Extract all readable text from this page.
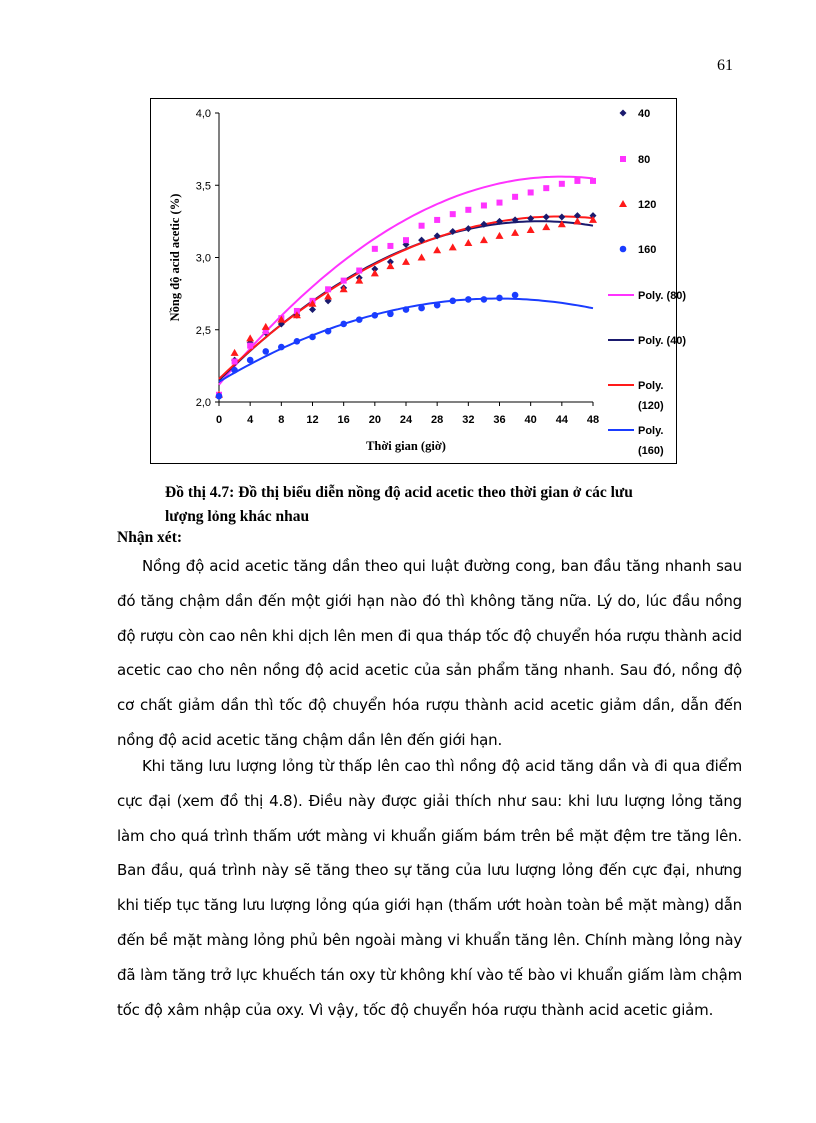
61
4,0
3,5
3,0
2,5
2,0
0 4 8 12 16 20 24 28 32 36 40 44 48
Thời gian (giờ)
Nồng độ acid acetic (%)
40
80
120
160
Poly. (80)
Poly. (40)
Poly.
(120)
Poly.
(160)
Đồ thị 4.7: Đồ thị biểu diễn nồng độ acid acetic theo thời gian ở các lưu
lượng lỏng khác nhau
Nhận xét:
Nồng độ acid acetic tăng dần theo qui luật đường cong, ban đầu tăng nhanh sau đó tăng chậm dần đến một giới hạn nào đó thì không tăng nữa. Lý do, lúc đầu nồng độ rượu còn cao nên khi dịch lên men đi qua tháp tốc độ chuyển hóa rượu thành acid acetic cao cho nên nồng độ acid acetic của sản phẩm tăng nhanh. Sau đó, nồng độ cơ chất giảm dần thì tốc độ chuyển hóa rượu thành acid acetic giảm dần, dẫn đến nồng độ acid acetic tăng chậm dần lên đến giới hạn.
Khi tăng lưu lượng lỏng từ thấp lên cao thì nồng độ acid tăng dần và đi qua điểm cực đại (xem đồ thị 4.8). Điều này được giải thích như sau: khi lưu lượng lỏng tăng làm cho quá trình thấm ướt màng vi khuẩn giấm bám trên bề mặt đệm tre tăng lên. Ban đầu, quá trình này sẽ tăng theo sự tăng của lưu lượng lỏng đến cực đại, nhưng khi tiếp tục tăng lưu lượng lỏng qúa giới hạn (thấm ướt hoàn toàn bề mặt màng) dẫn đến bề mặt màng lỏng phủ bên ngoài màng vi khuẩn tăng lên. Chính màng lỏng này đã làm tăng trở lực khuếch tán oxy từ không khí vào tế bào vi khuẩn giấm làm chậm tốc độ xâm nhập của oxy. Vì vậy, tốc độ chuyển hóa rượu thành acid acetic giảm.
